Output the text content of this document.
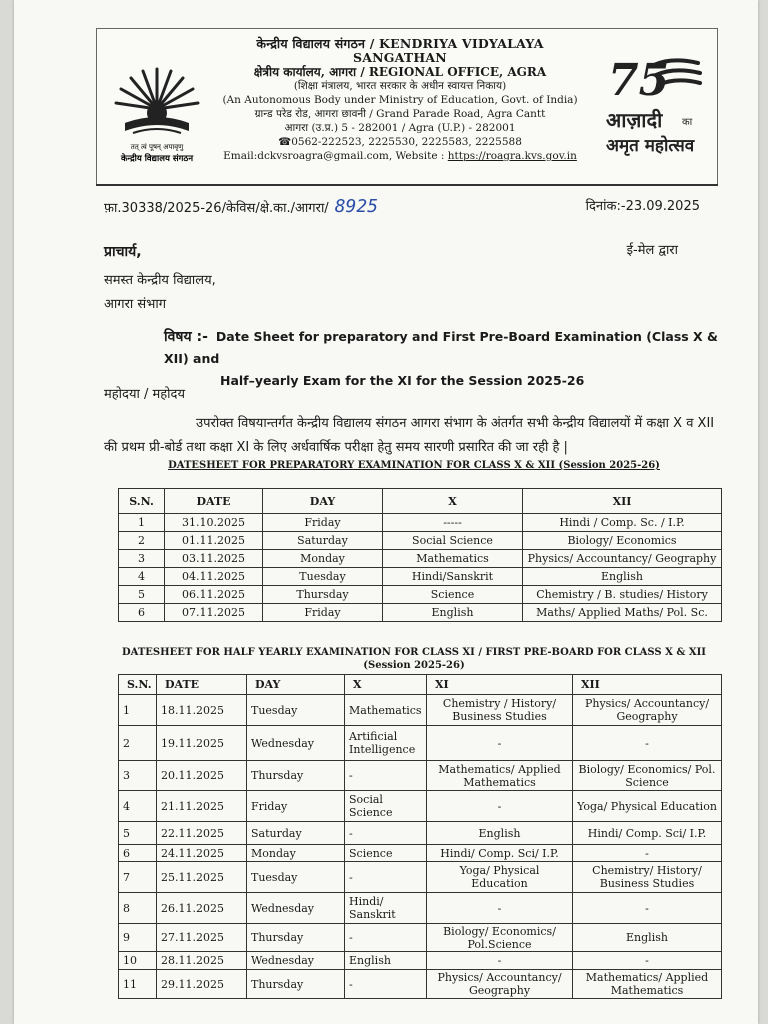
तत् त्वं पूषन् अपावृणु
केन्द्रीय विद्यालय संगठन
केन्द्रीय विद्यालय संगठन / KENDRIYA VIDYALAYA SANGATHAN
क्षेत्रीय कार्यालय, आगरा / REGIONAL OFFICE, AGRA
(शिक्षा मंत्रालय, भारत सरकार के अधीन स्वायत्त निकाय)
(An Autonomous Body under Ministry of Education, Govt. of India)
ग्रान्ड परेड रोड, आगरा छावनी / Grand Parade Road, Agra Cantt
आगरा (उ.प्र.) 5 - 282001 / Agra (U.P.) - 282001
☎0562-222523, 2225530, 2225583, 2225588
Email:dckvsroagra@gmail.com, Website : https://roagra.kvs.gov.in
75
आज़ादी का
अमृत महोत्सव
फ़ा.30338/2025-26/केविस/क्षे.का./आगरा/ 8925	दिनांक:-23.09.2025
प्राचार्य,	ई-मेल द्वारा
समस्त केन्द्रीय विद्यालय,
आगरा संभाग
विषय :- Date Sheet for preparatory and First Pre-Board Examination (Class X & XII) and
Half–yearly Exam for the XI for the Session 2025-26
महोदया / महोदय
उपरोक्त विषयान्तर्गत केन्द्रीय विद्यालय संगठन आगरा संभाग के अंतर्गत सभी केन्द्रीय विद्यालयों में कक्षा X व XII की प्रथम प्री-बोर्ड तथा कक्षा XI के लिए अर्धवार्षिक परीक्षा हेतु समय सारणी प्रसारित की जा रही है |
DATESHEET FOR PREPARATORY EXAMINATION FOR CLASS X & XII (Session 2025-26)
S.N.	DATE	DAY	X	XII
1	31.10.2025	Friday	-----	Hindi / Comp. Sc. / I.P.
2	01.11.2025	Saturday	Social Science	Biology/ Economics
3	03.11.2025	Monday	Mathematics	Physics/ Accountancy/ Geography
4	04.11.2025	Tuesday	Hindi/Sanskrit	English
5	06.11.2025	Thursday	Science	Chemistry / B. studies/ History
6	07.11.2025	Friday	English	Maths/ Applied Maths/ Pol. Sc.
DATESHEET FOR HALF YEARLY EXAMINATION FOR CLASS XI / FIRST PRE-BOARD FOR CLASS X & XII
(Session 2025-26)
S.N.	DATE	DAY	X	XI	XII
1	18.11.2025	Tuesday	Mathematics	Chemistry / History/ Business Studies	Physics/ Accountancy/ Geography
2	19.11.2025	Wednesday	Artificial Intelligence	-	-
3	20.11.2025	Thursday	-	Mathematics/ Applied Mathematics	Biology/ Economics/ Pol. Science
4	21.11.2025	Friday	Social Science	-	Yoga/ Physical Education
5	22.11.2025	Saturday	-	English	Hindi/ Comp. Sci/ I.P.
6	24.11.2025	Monday	Science	Hindi/ Comp. Sci/ I.P.	-
7	25.11.2025	Tuesday	-	Yoga/ Physical Education	Chemistry/ History/ Business Studies
8	26.11.2025	Wednesday	Hindi/ Sanskrit	-	-
9	27.11.2025	Thursday	-	Biology/ Economics/ Pol.Science	English
10	28.11.2025	Wednesday	English	-	-
11	29.11.2025	Thursday	-	Physics/ Accountancy/ Geography	Mathematics/ Applied Mathematics
